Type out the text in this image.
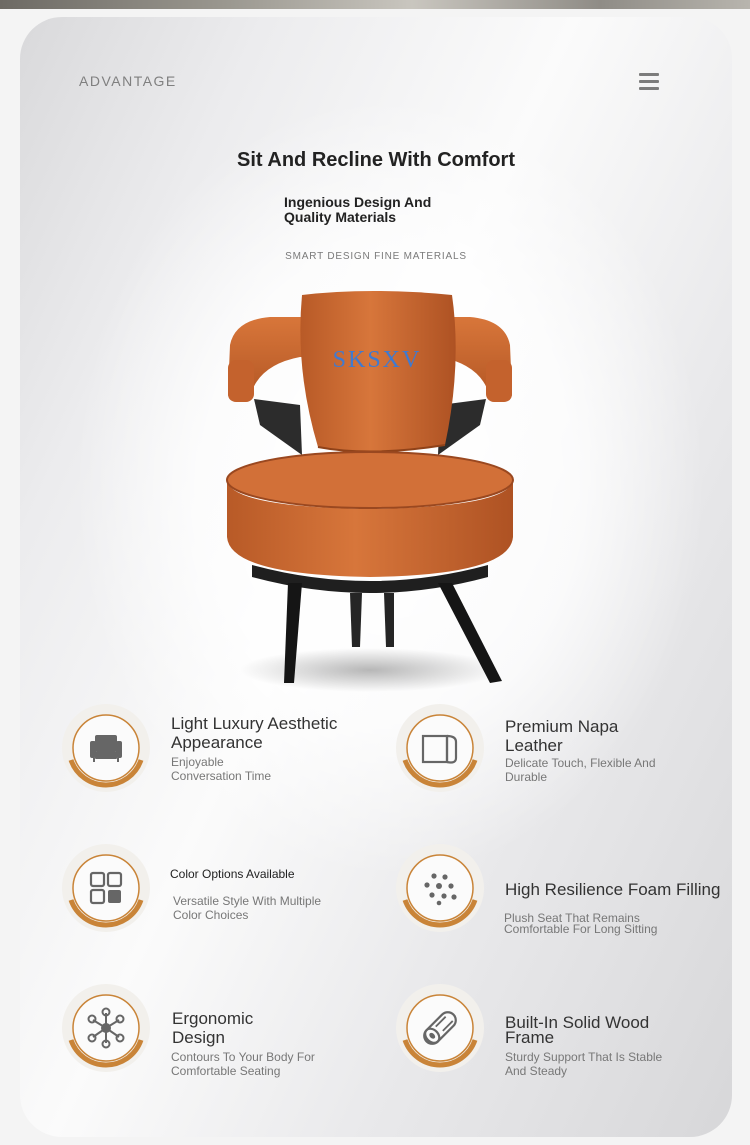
ADVANTAGE
Sit And Recline With Comfort
Ingenious Design And
Quality Materials
SMART DESIGN FINE MATERIALS
SKSXV
Light Luxury Aesthetic
Appearance
Enjoyable
Conversation Time
Premium Napa
Leather
Delicate Touch, Flexible And
Durable
Color Options Available
Versatile Style With Multiple
Color Choices
High Resilience Foam Filling
Plush Seat That Remains
Comfortable For Long Sitting
Ergonomic
Design
Contours To Your Body For
Comfortable Seating
Built-In Solid Wood
Frame
Sturdy Support That Is Stable
And Steady
